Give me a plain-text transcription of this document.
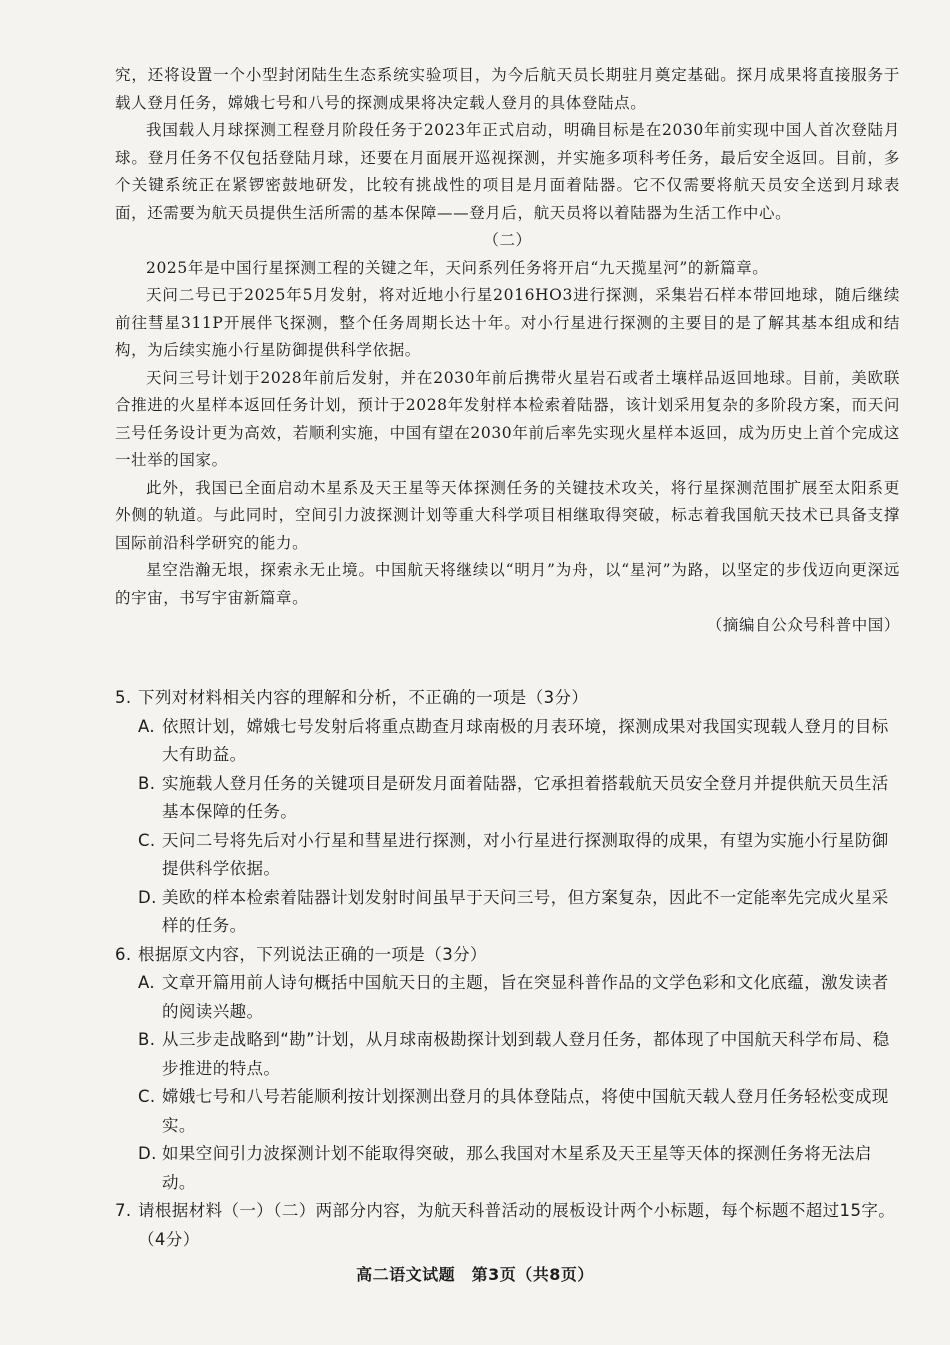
究，还将设置一个小型封闭陆生生态系统实验项目，为今后航天员长期驻月奠定基础。探月成果将直接服务于载人登月任务，嫦娥七号和八号的探测成果将决定载人登月的具体登陆点。

我国载人月球探测工程登月阶段任务于2023年正式启动，明确目标是在2030年前实现中国人首次登陆月球。登月任务不仅包括登陆月球，还要在月面展开巡视探测，并实施多项科考任务，最后安全返回。目前，多个关键系统正在紧锣密鼓地研发，比较有挑战性的项目是月面着陆器。它不仅需要将航天员安全送到月球表面，还需要为航天员提供生活所需的基本保障——登月后，航天员将以着陆器为生活工作中心。

（二）

2025年是中国行星探测工程的关键之年，天问系列任务将开启“九天揽星河”的新篇章。

天问二号已于2025年5月发射，将对近地小行星2016HO3进行探测，采集岩石样本带回地球，随后继续前往彗星311P开展伴飞探测，整个任务周期长达十年。对小行星进行探测的主要目的是了解其基本组成和结构，为后续实施小行星防御提供科学依据。

天问三号计划于2028年前后发射，并在2030年前后携带火星岩石或者土壤样品返回地球。目前，美欧联合推进的火星样本返回任务计划，预计于2028年发射样本检索着陆器，该计划采用复杂的多阶段方案，而天问三号任务设计更为高效，若顺利实施，中国有望在2030年前后率先实现火星样本返回，成为历史上首个完成这一壮举的国家。

此外，我国已全面启动木星系及天王星等天体探测任务的关键技术攻关，将行星探测范围扩展至太阳系更外侧的轨道。与此同时，空间引力波探测计划等重大科学项目相继取得突破，标志着我国航天技术已具备支撑国际前沿科学研究的能力。

星空浩瀚无垠，探索永无止境。中国航天将继续以“明月”为舟，以“星河”为路，以坚定的步伐迈向更深远的宇宙，书写宇宙新篇章。

（摘编自公众号科普中国）

5. 下列对材料相关内容的理解和分析，不正确的一项是（3分）

A. 依照计划，嫦娥七号发射后将重点勘查月球南极的月表环境，探测成果对我国实现载人登月的目标大有助益。

B. 实施载人登月任务的关键项目是研发月面着陆器，它承担着搭载航天员安全登月并提供航天员生活基本保障的任务。

C. 天问二号将先后对小行星和彗星进行探测，对小行星进行探测取得的成果，有望为实施小行星防御提供科学依据。

D. 美欧的样本检索着陆器计划发射时间虽早于天问三号，但方案复杂，因此不一定能率先完成火星采样的任务。

6. 根据原文内容，下列说法正确的一项是（3分）

A. 文章开篇用前人诗句概括中国航天日的主题，旨在突显科普作品的文学色彩和文化底蕴，激发读者的阅读兴趣。

B. 从三步走战略到“勘”计划，从月球南极勘探计划到载人登月任务，都体现了中国航天科学布局、稳步推进的特点。

C. 嫦娥七号和八号若能顺利按计划探测出登月的具体登陆点，将使中国航天载人登月任务轻松变成现实。

D. 如果空间引力波探测计划不能取得突破，那么我国对木星系及天王星等天体的探测任务将无法启动。

7. 请根据材料（一）（二）两部分内容，为航天科普活动的展板设计两个小标题，每个标题不超过15字。（4分）

高二语文试题　第3页（共8页）
